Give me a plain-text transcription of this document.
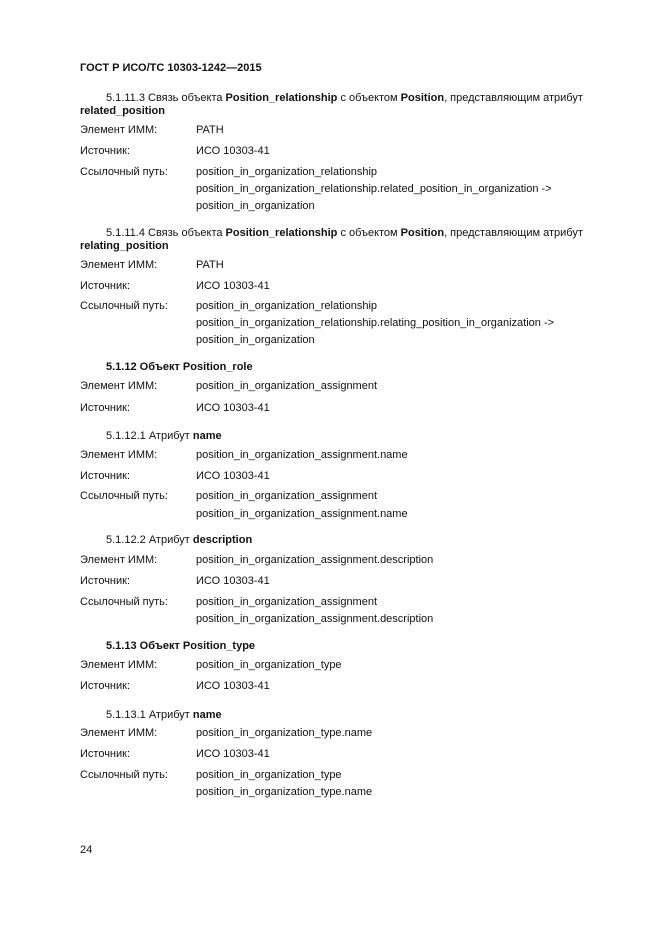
ГОСТ Р ИСО/ТС 10303-1242—2015
5.1.11.3 Связь объекта Position_relationship с объектом Position, представляющим атрибут
related_position
Элемент ИММ:	PATH
Источник:	ИСО 10303-41
Ссылочный путь:	position_in_organization_relationship
position_in_organization_relationship.related_position_in_organization ->
position_in_organization
5.1.11.4 Связь объекта Position_relationship с объектом Position, представляющим атрибут
relating_position
Элемент ИММ:	PATH
Источник:	ИСО 10303-41
Ссылочный путь:	position_in_organization_relationship
position_in_organization_relationship.relating_position_in_organization ->
position_in_organization
5.1.12 Объект Position_role
Элемент ИММ:	position_in_organization_assignment
Источник:	ИСО 10303-41
5.1.12.1 Атрибут name
Элемент ИММ:	position_in_organization_assignment.name
Источник:	ИСО 10303-41
Ссылочный путь:	position_in_organization_assignment
position_in_organization_assignment.name
5.1.12.2 Атрибут description
Элемент ИММ:	position_in_organization_assignment.description
Источник:	ИСО 10303-41
Ссылочный путь:	position_in_organization_assignment
position_in_organization_assignment.description
5.1.13 Объект Position_type
Элемент ИММ:	position_in_organization_type
Источник:	ИСО 10303-41
5.1.13.1 Атрибут name
Элемент ИММ:	position_in_organization_type.name
Источник:	ИСО 10303-41
Ссылочный путь:	position_in_organization_type
position_in_organization_type.name
24
